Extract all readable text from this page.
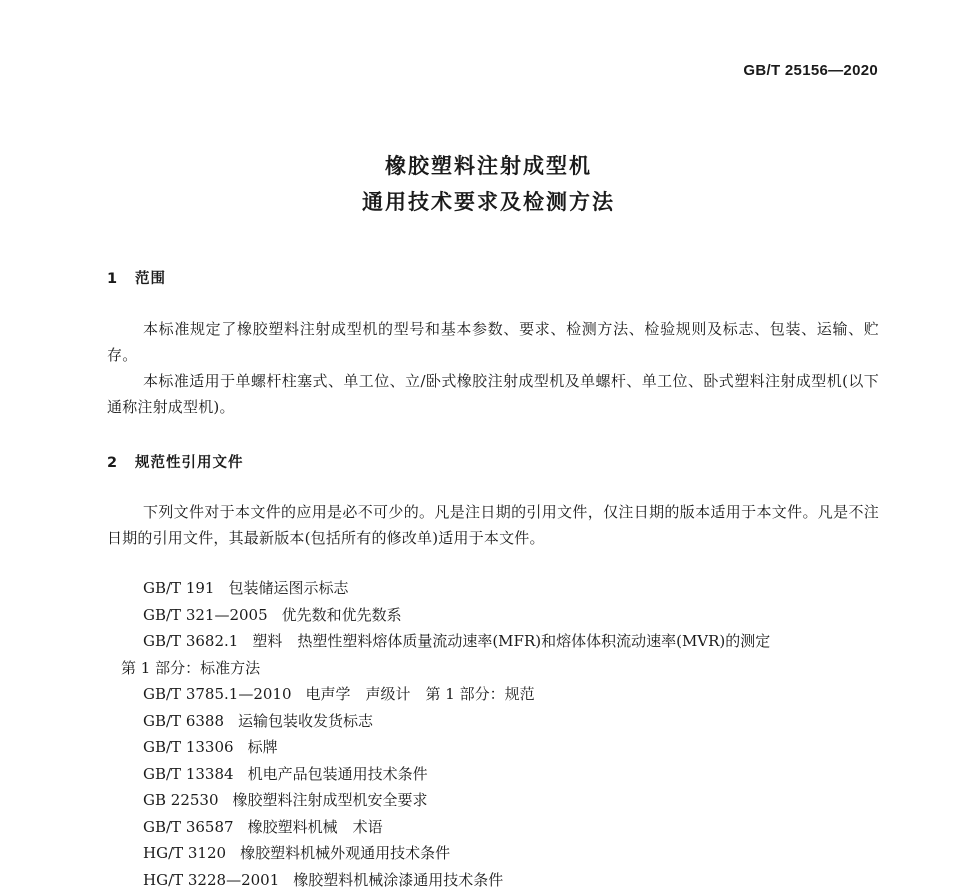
GB/T 25156—2020
橡胶塑料注射成型机
通用技术要求及检测方法
1 范围
本标准规定了橡胶塑料注射成型机的型号和基本参数、要求、检测方法、检验规则及标志、包装、运输、贮存。
本标准适用于单螺杆柱塞式、单工位、立/卧式橡胶注射成型机及单螺杆、单工位、卧式塑料注射成型机(以下通称注射成型机)。
2 规范性引用文件
下列文件对于本文件的应用是必不可少的。凡是注日期的引用文件，仅注日期的版本适用于本文件。凡是不注日期的引用文件，其最新版本(包括所有的修改单)适用于本文件。
GB/T 191 包装储运图示标志
GB/T 321—2005 优先数和优先数系
GB/T 3682.1 塑料　热塑性塑料熔体质量流动速率(MFR)和熔体体积流动速率(MVR)的测定
第 1 部分：标准方法
GB/T 3785.1—2010 电声学　声级计　第 1 部分：规范
GB/T 6388 运输包装收发货标志
GB/T 13306 标牌
GB/T 13384 机电产品包装通用技术条件
GB 22530 橡胶塑料注射成型机安全要求
GB/T 36587 橡胶塑料机械　术语
HG/T 3120 橡胶塑料机械外观通用技术条件
HG/T 3228—2001 橡胶塑料机械涂漆通用技术条件
